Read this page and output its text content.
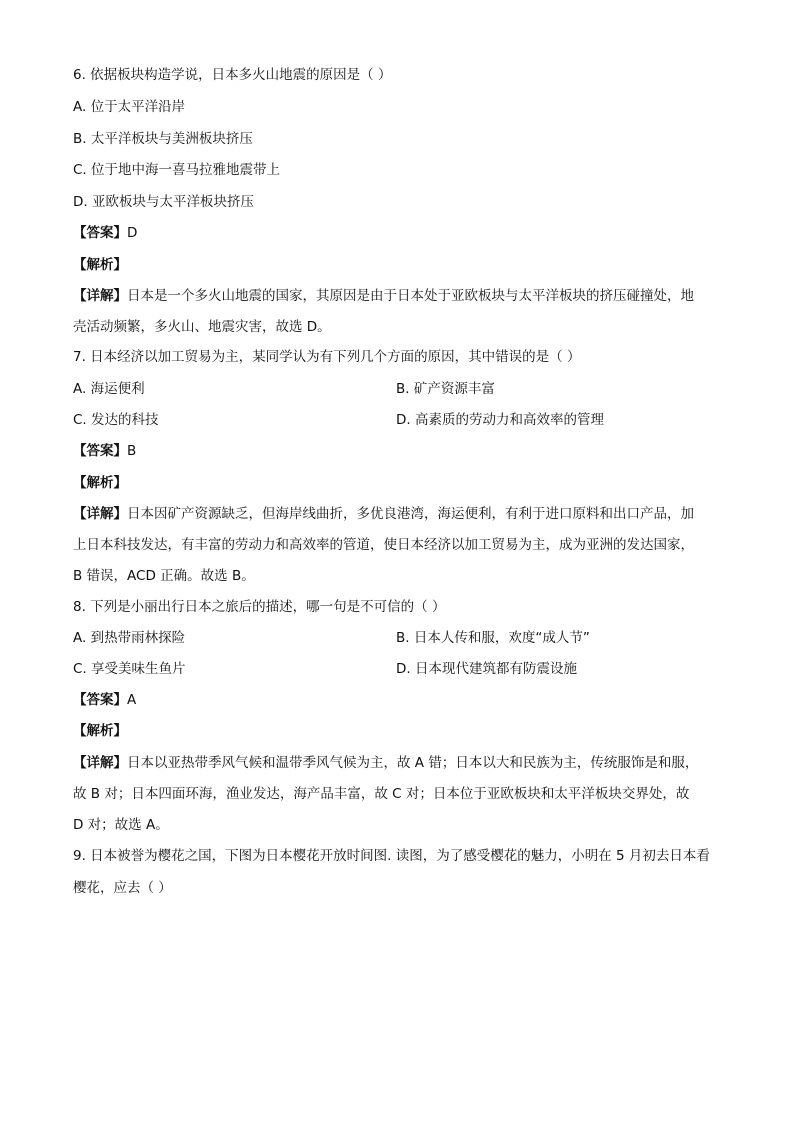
6. 依据板块构造学说，日本多火山地震的原因是（ ）
A. 位于太平洋沿岸
B. 太平洋板块与美洲板块挤压
C. 位于地中海一喜马拉雅地震带上
D. 亚欧板块与太平洋板块挤压
【答案】D
【解析】
【详解】日本是一个多火山地震的国家，其原因是由于日本处于亚欧板块与太平洋板块的挤压碰撞处，地
壳活动频繁，多火山、地震灾害，故选 D。
7. 日本经济以加工贸易为主，某同学认为有下列几个方面的原因，其中错误的是（ ）
A. 海运便利	B. 矿产资源丰富
C. 发达的科技	D. 高素质的劳动力和高效率的管理
【答案】B
【解析】
【详解】日本因矿产资源缺乏，但海岸线曲折，多优良港湾，海运便利，有利于进口原料和出口产品，加
上日本科技发达，有丰富的劳动力和高效率的管道，使日本经济以加工贸易为主，成为亚洲的发达国家，
B 错误，ACD 正确。故选 B。
8. 下列是小丽出行日本之旅后的描述，哪一句是不可信的（ ）
A. 到热带雨林探险	B. 日本人传和服，欢度“成人节”
C. 享受美味生鱼片	D. 日本现代建筑都有防震设施
【答案】A
【解析】
【详解】日本以亚热带季风气候和温带季风气候为主，故 A 错；日本以大和民族为主，传统服饰是和服，
故 B 对；日本四面环海，渔业发达，海产品丰富，故 C 对；日本位于亚欧板块和太平洋板块交界处，故
D 对；故选 A。
9. 日本被誉为樱花之国，下图为日本樱花开放时间图. 读图，为了感受樱花的魅力，小明在 5 月初去日本看
樱花，应去（ ）
